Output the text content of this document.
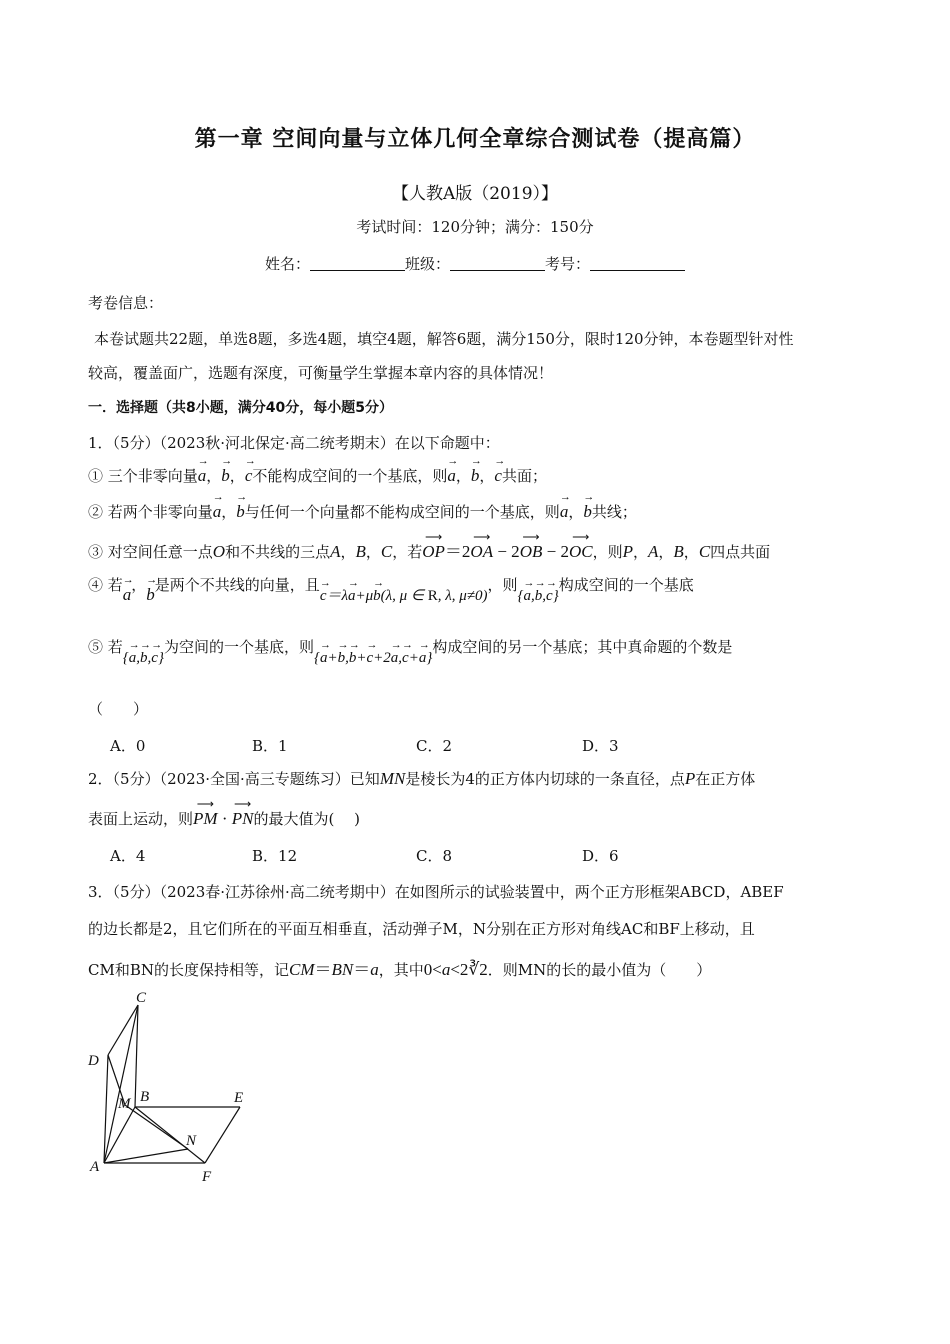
第一章 空间向量与立体几何全章综合测试卷（提高篇）
【人教A版（2019）】
考试时间：120分钟；满分：150分
姓名：	班级：	考号：
考卷信息：
本卷试题共22题，单选8题，多选4题，填空4题，解答6题，满分150分，限时120分钟，本卷题型针对性
较高，覆盖面广，选题有深度，可衡量学生掌握本章内容的具体情况！
一．选择题（共8小题，满分40分，每小题5分）
1．（5分）（2023秋·河北保定·高二统考期末）在以下命题中：
① 三个非零向量→ a，→ b，→ c不能构成空间的一个基底，则→ a，→ b，→ c共面；
② 若两个非零向量→ a，→ b与任何一个向量都不能构成空间的一个基底，则→ a，→ b共线；
③ 对空间任意一点O和不共线的三点A，B，C，若⟶ OP＝2⟶ OA − 2⟶ OB − 2⟶ OC，则P，A，B，C四点共面
④ 若→ a，→ b是两个不共线的向量，且→ c＝λ→ a+μ→ b(λ, μ ∈ R, λ, μ≠0)，则{→ a,→ b,→ c}构成空间的一个基底
⑤ 若{→ a,→ b,→ c}为空间的一个基底，则{→ a+→ b,→ b+→ c+2→ a,→ c+→ a}构成空间的另一个基底；其中真命题的个数是
（　　）
A．0	B．1	C．2	D．3
2．（5分）（2023·全国·高三专题练习）已知MN是棱长为4的正方体内切球的一条直径，点P在正方体
表面上运动，则⟶ PM · ⟶ PN的最大值为(　 )
A．4	B．12	C．8	D．6
3．（5分）（2023春·江苏徐州·高二统考期中）在如图所示的试验装置中，两个正方形框架ABCD，ABEF
的边长都是2，且它们所在的平面互相垂直，活动弹子M，N分别在正方形对角线AC和BF上移动，且
CM和BN的长度保持相等，记CM＝BN＝a，其中0<a<2∛2．则MN的长的最小值为（　　）
C
D
M B	E
N
A
F
